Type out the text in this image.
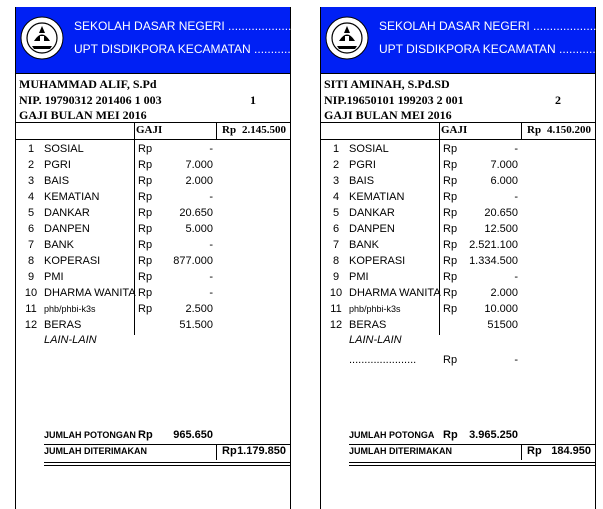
SEKOLAH DASAR NEGERI .....................
UPT DISDIKPORA KECAMATAN ............
MUHAMMAD ALIF, S.Pd
NIP. 19790312 201406 1 003	1
GAJI BULAN MEI 2016
GAJI	Rp 2.145.500
1 SOSIAL	Rp	-
2 PGRI	Rp	7.000
3 BAIS	Rp	2.000
4 KEMATIAN	Rp	-
5 DANKAR	Rp 20.650
6 DANPEN	Rp	5.000
7 BANK	Rp	-
8 KOPERASI	Rp 877.000
9 PMI	Rp	-
10 DHARMA WANITA Rp	-
11 phb/phbi-k3s	Rp	2.500
12 BERAS	51.500
LAIN-LAIN
JUMLAH POTONGAN Rp 965.650
JUMLAH DITERIMAKAN	Rp 1.179.850
SEKOLAH DASAR NEGERI .....................
UPT DISDIKPORA KECAMATAN ............
SITI AMINAH, S.Pd.SD
NIP.19650101 199203 2 001	2
GAJI BULAN MEI 2016
GAJI	Rp 4.150.200
1 SOSIAL	Rp	-
2 PGRI	Rp	7.000
3 BAIS	Rp	6.000
4 KEMATIAN	Rp	-
5 DANKAR	Rp 20.650
6 DANPEN	Rp 12.500
7 BANK	Rp 2.521.100
8 KOPERASI	Rp 1.334.500
9 PMI	Rp	-
10 DHARMA WANITA Rp	2.000
11 phb/phbi-k3s	Rp 10.000
12 BERAS	51500
LAIN-LAIN
...................... Rp	-
JUMLAH POTONGA Rp 3.965.250
JUMLAH DITERIMAKAN	Rp 184.950
